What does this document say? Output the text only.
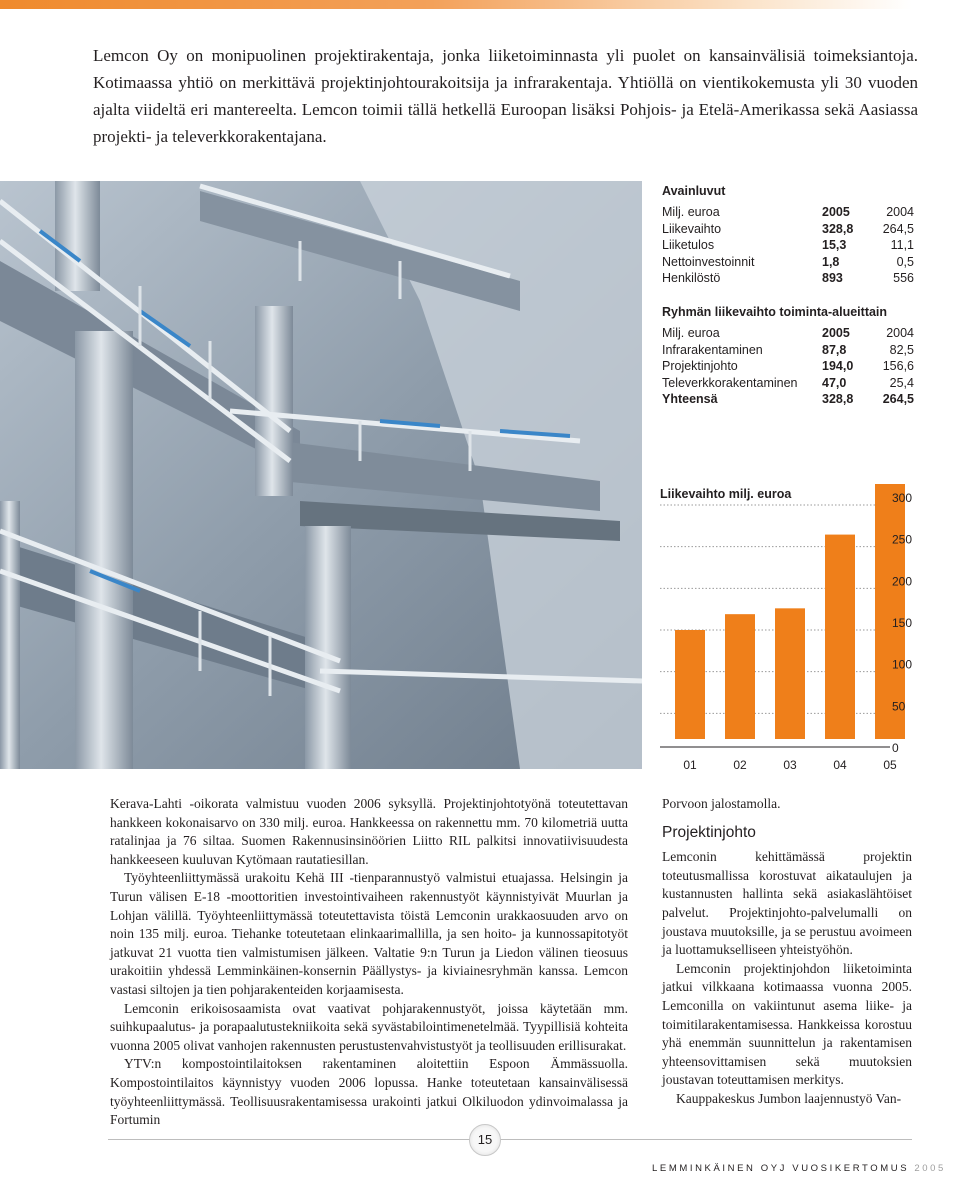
Lemcon Oy on monipuolinen projektirakentaja, jonka liiketoiminnasta yli puolet on kansainvälisiä toimeksiantoja. Kotimaassa yhtiö on merkittävä projektinjohtourakoitsija ja infrarakentaja. Yhtiöllä on vientikokemusta yli 30 vuoden ajalta viideltä eri mantereelta. Lemcon toimii tällä hetkellä Euroopan lisäksi Pohjois- ja Etelä-Amerikassa sekä Aasiassa projekti- ja televerkkorakentajana.

Avainluvut
Milj. euroa	2005	2004
Liikevaihto	328,8	264,5
Liiketulos	15,3	11,1
Nettoinvestoinnit	1,8	0,5
Henkilöstö	893	556
Ryhmän liikevaihto toiminta-alueittain
Milj. euroa	2005	2004
Infrarakentaminen	87,8	82,5
Projektinjohto	194,0	156,6
Televerkkorakentaminen	47,0	25,4
Yhteensä	328,8	264,5
Liikevaihto milj. euroa
0
50
100
150
200
250
300
01	02	03	04	05

Kerava-Lahti -oikorata valmistuu vuoden 2006 syksyllä. Projektinjohtotyönä toteutettavan hankkeen kokonaisarvo on 330 milj. euroa. Hankkeessa on rakennettu mm. 70 kilometriä uutta ratalinjaa ja 76 siltaa. Suomen Rakennusinsinöörien Liitto RIL palkitsi innovatiivisuudesta hankkeeseen kuuluvan Kytömaan rautatiesillan.

Työyhteenliittymässä urakoitu Kehä III -tienparannustyö valmistui etuajassa. Helsingin ja Turun välisen E-18 -moottoritien investointivaiheen rakennustyöt käynnistyivät Muurlan ja Lohjan välillä. Työyhteenliittymässä toteutettavista töistä Lemconin urakkaosuuden arvo on noin 135 milj. euroa. Tiehanke toteutetaan elinkaarimallilla, ja sen hoito- ja kunnossapitotyöt jatkuvat 21 vuotta tien valmistumisen jälkeen. Valtatie 9:n Turun ja Liedon välinen tieosuus urakoitiin yhdessä Lemminkäinen-konsernin Päällystys- ja kiviainesryhmän kanssa. Lemcon vastasi siltojen ja tien pohjarakenteiden korjaamisesta.

Lemconin erikoisosaamista ovat vaativat pohjarakennustyöt, joissa käytetään mm. suihkupaalutus- ja porapaalutustekniikoita sekä syvästabilointimenetelmää. Tyypillisiä kohteita vuonna 2005 olivat vanhojen rakennusten perustustenvahvistustyöt ja teollisuuden erillisurakat.

YTV:n kompostointilaitoksen rakentaminen aloitettiin Espoon Ämmässuolla. Kompostointilaitos käynnistyy vuoden 2006 lopussa. Hanke toteutetaan kansainvälisessä työyhteenliittymässä. Teollisuusrakentamisessa urakointi jatkui Olkiluodon ydinvoimalassa ja Fortumin

Porvoon jalostamolla.

Projektinjohto

Lemconin kehittämässä projektin toteutusmallissa korostuvat aikataulujen ja kustannusten hallinta sekä asiakaslähtöiset palvelut. Projektinjohto-palvelumalli on joustava muutoksille, ja se perustuu avoimeen ja luottamukselliseen yhteistyöhön.

Lemconin projektinjohdon liiketoiminta jatkui vilkkaana kotimaassa vuonna 2005. Lemconilla on vakiintunut asema liike- ja toimitilarakentamisessa. Hankkeissa korostuu yhä enemmän suunnittelun ja rakentamisen yhteensovittamisen sekä muutoksien joustavan toteuttamisen merkitys.

Kauppakeskus Jumbon laajennustyö Van-

15
LEMMINKÄINEN OYJ VUOSIKERTOMUS 2005
